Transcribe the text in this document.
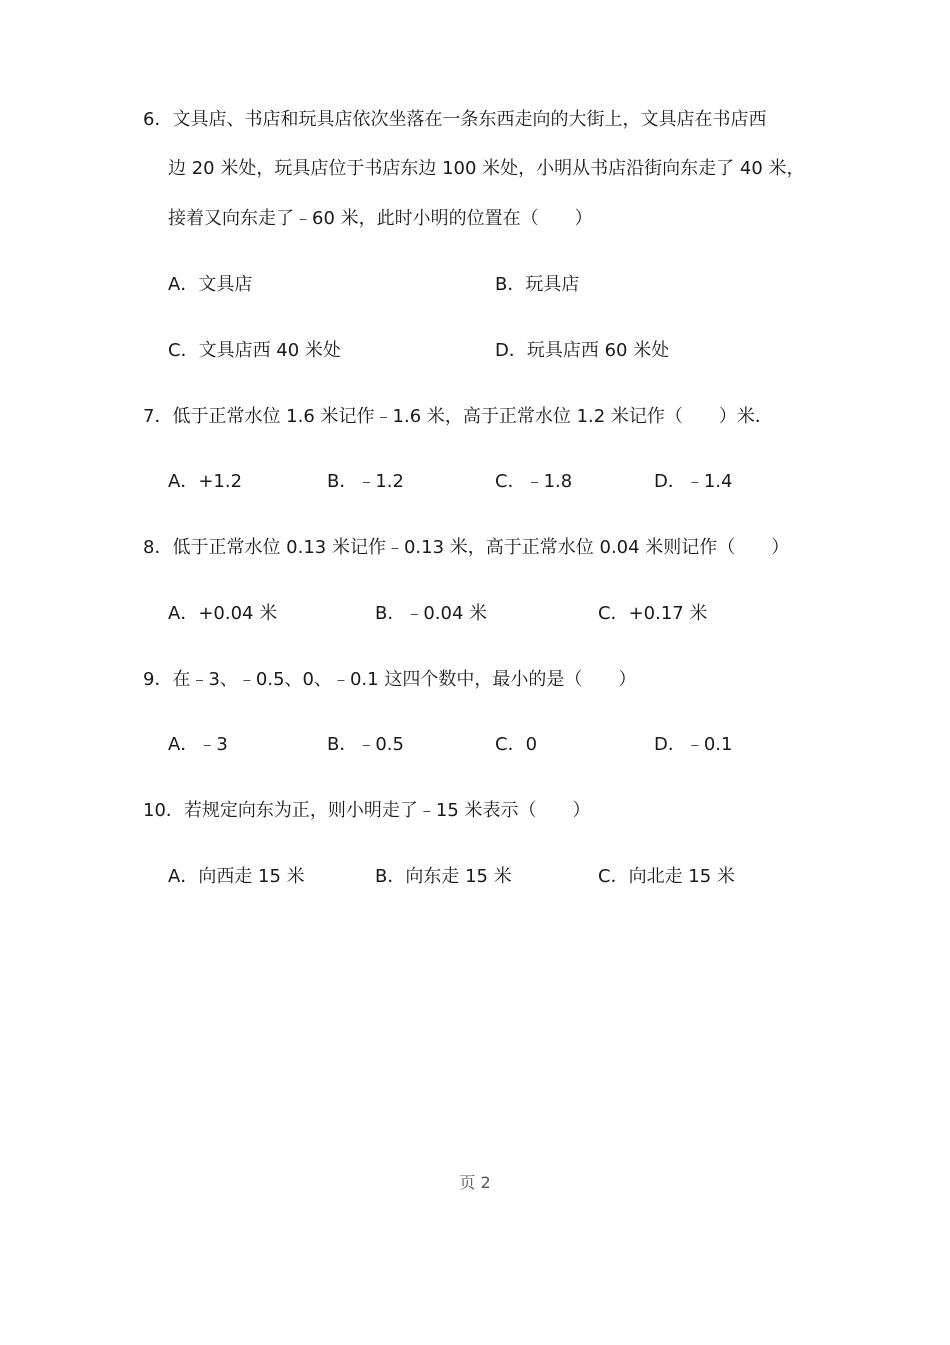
6．文具店、书店和玩具店依次坐落在一条东西走向的大街上，文具店在书店西
边 20 米处，玩具店位于书店东边 100 米处，小明从书店沿街向东走了 40 米，
接着又向东走了﹣60 米，此时小明的位置在（　　）
A．文具店	B．玩具店
C．文具店西 40 米处	D．玩具店西 60 米处
7．低于正常水位 1.6 米记作﹣1.6 米，高于正常水位 1.2 米记作（　　）米．
A．+1.2	B．﹣1.2	C．﹣1.8	D．﹣1.4
8．低于正常水位 0.13 米记作﹣0.13 米，高于正常水位 0.04 米则记作（　　）
A．+0.04 米	B．﹣0.04 米	C．+0.17 米
9．在﹣3、﹣0.5、0、﹣0.1 这四个数中，最小的是（　　）
A．﹣3	B．﹣0.5	C．0	D．﹣0.1
10．若规定向东为正，则小明走了﹣15 米表示（　　）
A．向西走 15 米	B．向东走 15 米	C．向北走 15 米
页 2
